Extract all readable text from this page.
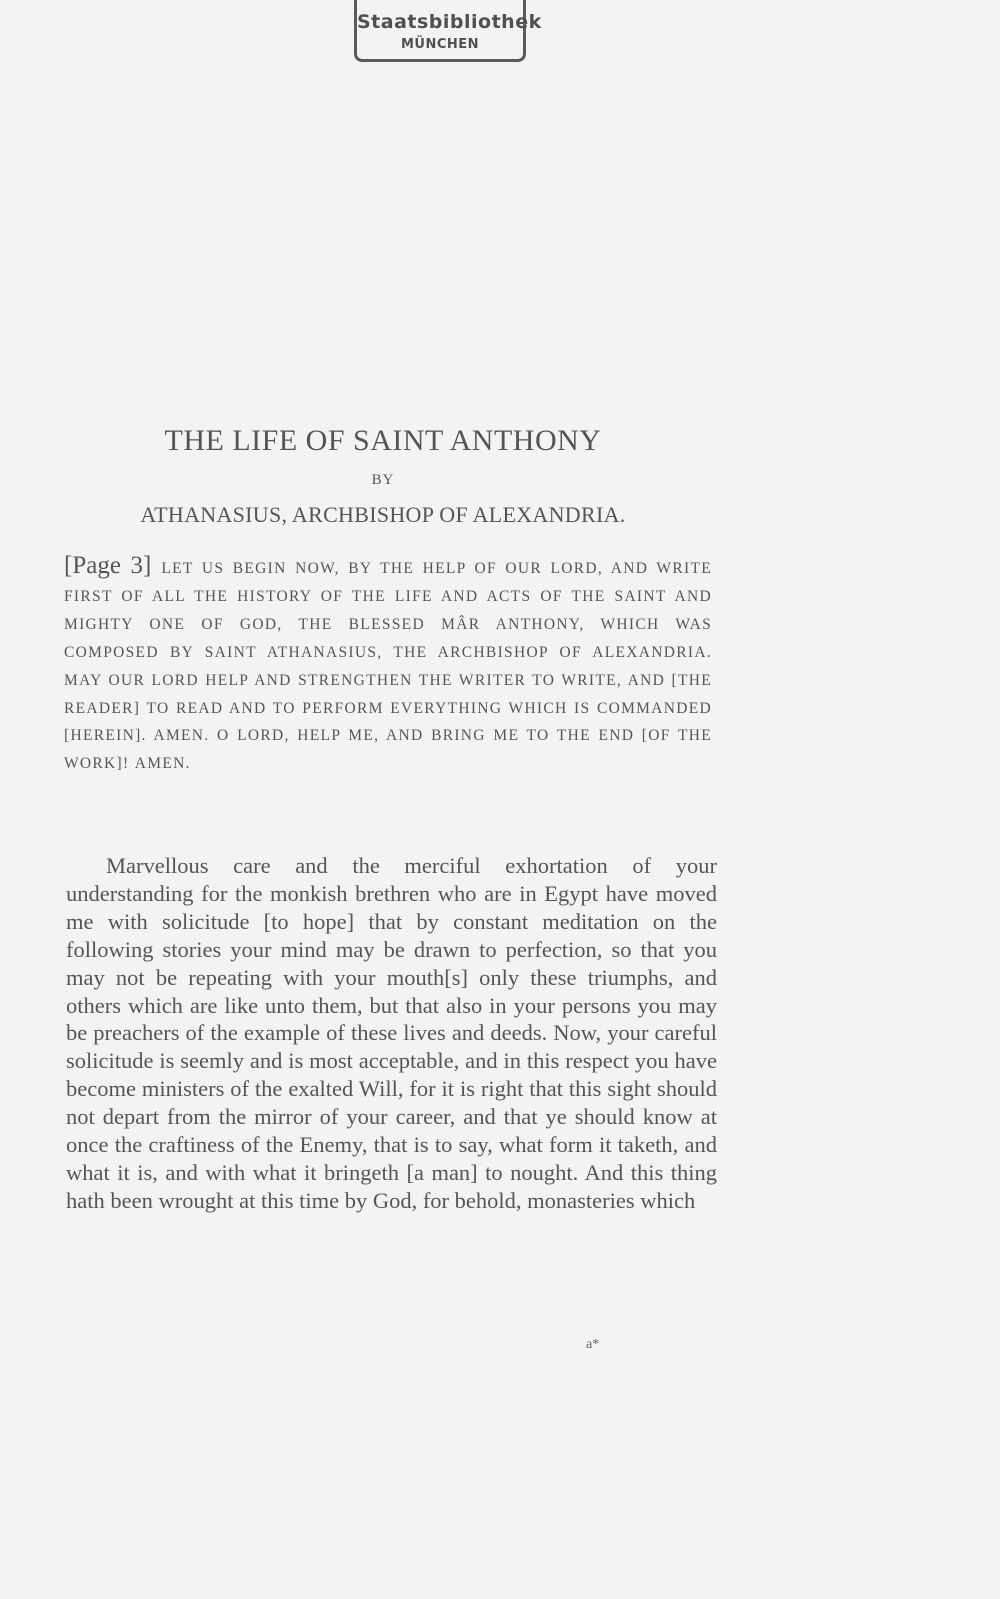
Staatsbibliothek
MÜNCHEN
THE LIFE OF SAINT ANTHONY
BY
ATHANASIUS, ARCHBISHOP OF ALEXANDRIA.
[Page 3] LET US BEGIN NOW, BY THE HELP OF OUR LORD, AND WRITE FIRST OF ALL THE HISTORY OF THE LIFE AND ACTS OF THE SAINT AND MIGHTY ONE OF GOD, THE BLESSED MÂR ANTHONY, WHICH WAS COMPOSED BY SAINT ATHANASIUS, THE ARCHBISHOP OF ALEXANDRIA. MAY OUR LORD HELP AND STRENGTHEN THE WRITER TO WRITE, AND [THE READER] TO READ AND TO PERFORM EVERYTHING WHICH IS COMMANDED [HEREIN]. AMEN. O LORD, HELP ME, AND BRING ME TO THE END [OF THE WORK]! AMEN.
Marvellous care and the merciful exhortation of your understanding for the monkish brethren who are in Egypt have moved me with solicitude [to hope] that by constant meditation on the following stories your mind may be drawn to perfection, so that you may not be repeating with your mouth[s] only these triumphs, and others which are like unto them, but that also in your persons you may be preachers of the example of these lives and deeds. Now, your careful solicitude is seemly and is most acceptable, and in this respect you have become ministers of the exalted Will, for it is right that this sight should not depart from the mirror of your career, and that ye should know at once the craftiness of the Enemy, that is to say, what form it taketh, and what it is, and with what it bringeth [a man] to nought. And this thing hath been wrought at this time by God, for behold, monasteries which
a*
